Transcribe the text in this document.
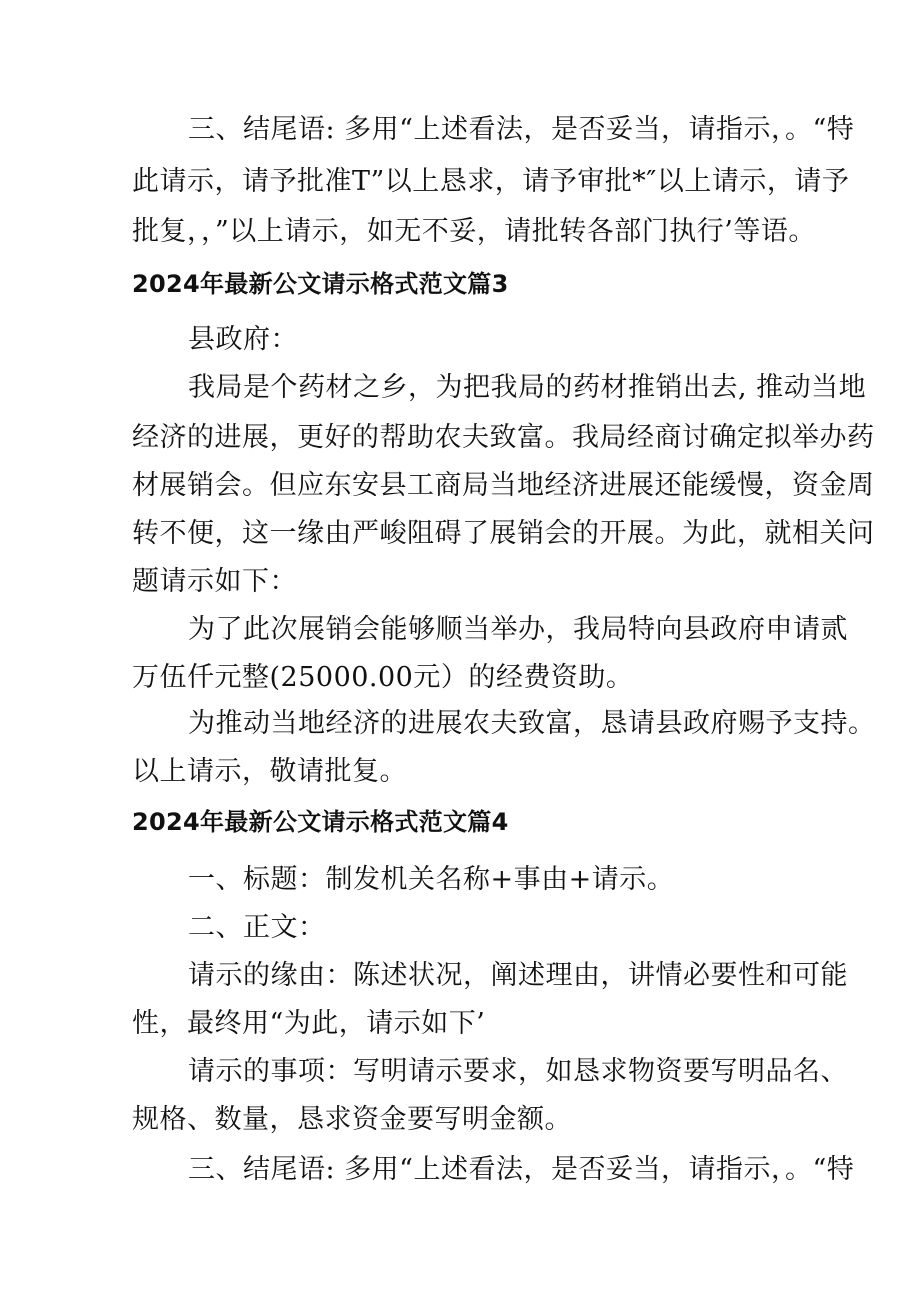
三、结尾语: 多用“上述看法，是否妥当，请指示，。“特
此请示，请予批准T”以上恳求，请予审批*″以上请示，请予
批复，，”以上请示，如无不妥，请批转各部门执行’等语。
2024年最新公文请示格式范文篇3
县政府：
我局是个药材之乡，为把我局的药材推销出去, 推动当地
经济的进展，更好的帮助农夫致富。我局经商讨确定拟举办药
材展销会。但应东安县工商局当地经济进展还能缓慢，资金周
转不便，这一缘由严峻阻碍了展销会的开展。为此，就相关问
题请示如下：
为了此次展销会能够顺当举办，我局特向县政府申请贰
万伍仟元整(25000.00元）的经费资助。
为推动当地经济的进展农夫致富，恳请县政府赐予支持。
以上请示，敬请批复。
2024年最新公文请示格式范文篇4
一、标题：制发机关名称+事由+请示。
二、正文：
请示的缘由：陈述状况，阐述理由，讲情必要性和可能
性，最终用“为此，请示如下’
请示的事项：写明请示要求，如恳求物资要写明品名、
规格、数量，恳求资金要写明金额。
三、结尾语: 多用“上述看法，是否妥当，请指示，。“特
